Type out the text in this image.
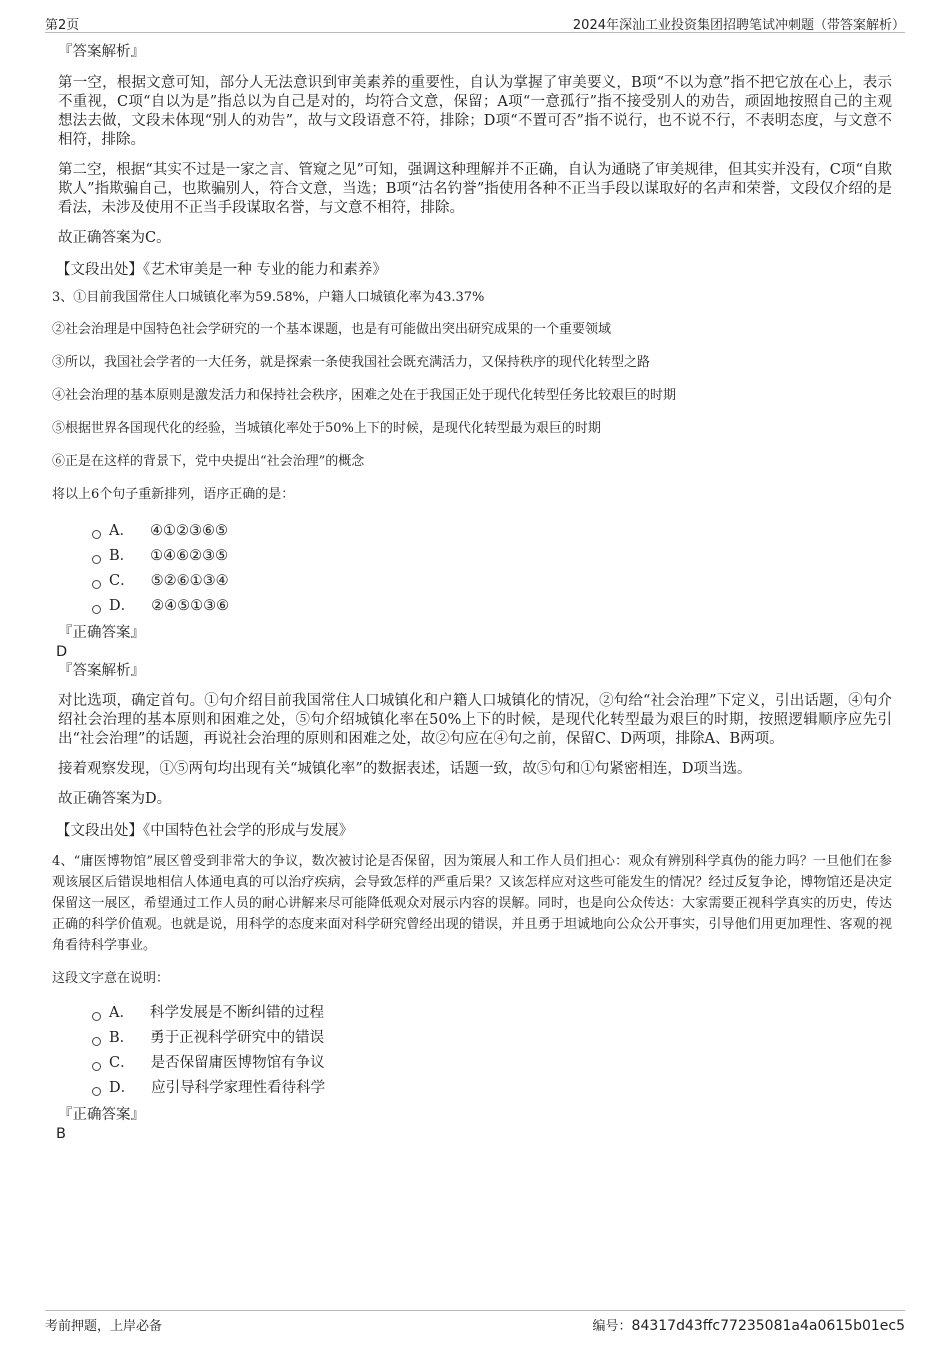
第2页	2024年深汕工业投资集团招聘笔试冲刺题（带答案解析）

『答案解析』

第一空，根据文意可知，部分人无法意识到审美素养的重要性，自认为掌握了审美要义，B项“不以为意”指不把它放在心上，表示不重视，C项“自以为是”指总以为自己是对的，均符合文意，保留；A项“一意孤行”指不接受别人的劝告，顽固地按照自己的主观想法去做，文段未体现“别人的劝告”，故与文段语意不符，排除；D项“不置可否”指不说行，也不说不行，不表明态度，与文意不相符，排除。

第二空，根据“其实不过是一家之言、管窥之见”可知，强调这种理解并不正确，自认为通晓了审美规律，但其实并没有，C项“自欺欺人”指欺骗自己，也欺骗别人，符合文意，当选；B项“沽名钓誉”指使用各种不正当手段以谋取好的名声和荣誉，文段仅介绍的是看法，未涉及使用不正当手段谋取名誉，与文意不相符，排除。

故正确答案为C。

【文段出处】《艺术审美是一种 专业的能力和素养》

3、①目前我国常住人口城镇化率为59.58%，户籍人口城镇化率为43.37%

②社会治理是中国特色社会学研究的一个基本课题，也是有可能做出突出研究成果的一个重要领域

③所以，我国社会学者的一大任务，就是探索一条使我国社会既充满活力，又保持秩序的现代化转型之路

④社会治理的基本原则是激发活力和保持社会秩序，困难之处在于我国正处于现代化转型任务比较艰巨的时期

⑤根据世界各国现代化的经验，当城镇化率处于50%上下的时候，是现代化转型最为艰巨的时期

⑥正是在这样的背景下，党中央提出“社会治理”的概念

将以上6个句子重新排列，语序正确的是：

A． ④①②③⑥⑤
B． ①④⑥②③⑤
C． ⑤②⑥①③④
D． ②④⑤①③⑥

『正确答案』

D

『答案解析』

对比选项，确定首句。①句介绍目前我国常住人口城镇化和户籍人口城镇化的情况，②句给“社会治理”下定义，引出话题，④句介绍社会治理的基本原则和困难之处，⑤句介绍城镇化率在50%上下的时候，是现代化转型最为艰巨的时期，按照逻辑顺序应先引出“社会治理”的话题，再说社会治理的原则和困难之处，故②句应在④句之前，保留C、D两项，排除A、B两项。

接着观察发现，①⑤两句均出现有关“城镇化率”的数据表述，话题一致，故⑤句和①句紧密相连，D项当选。

故正确答案为D。

【文段出处】《中国特色社会学的形成与发展》

4、“庸医博物馆”展区曾受到非常大的争议，数次被讨论是否保留，因为策展人和工作人员们担心：观众有辨别科学真伪的能力吗？一旦他们在参观该展区后错误地相信人体通电真的可以治疗疾病，会导致怎样的严重后果？又该怎样应对这些可能发生的情况？经过反复争论，博物馆还是决定保留这一展区，希望通过工作人员的耐心讲解来尽可能降低观众对展示内容的误解。同时，也是向公众传达：大家需要正视科学真实的历史，传达正确的科学价值观。也就是说，用科学的态度来面对科学研究曾经出现的错误，并且勇于坦诚地向公众公开事实，引导他们用更加理性、客观的视角看待科学事业。

这段文字意在说明：

A． 科学发展是不断纠错的过程
B． 勇于正视科学研究中的错误
C． 是否保留庸医博物馆有争议
D． 应引导科学家理性看待科学

『正确答案』

B

考前押题，上岸必备	编号：84317d43ffc77235081a4a0615b01ec5
